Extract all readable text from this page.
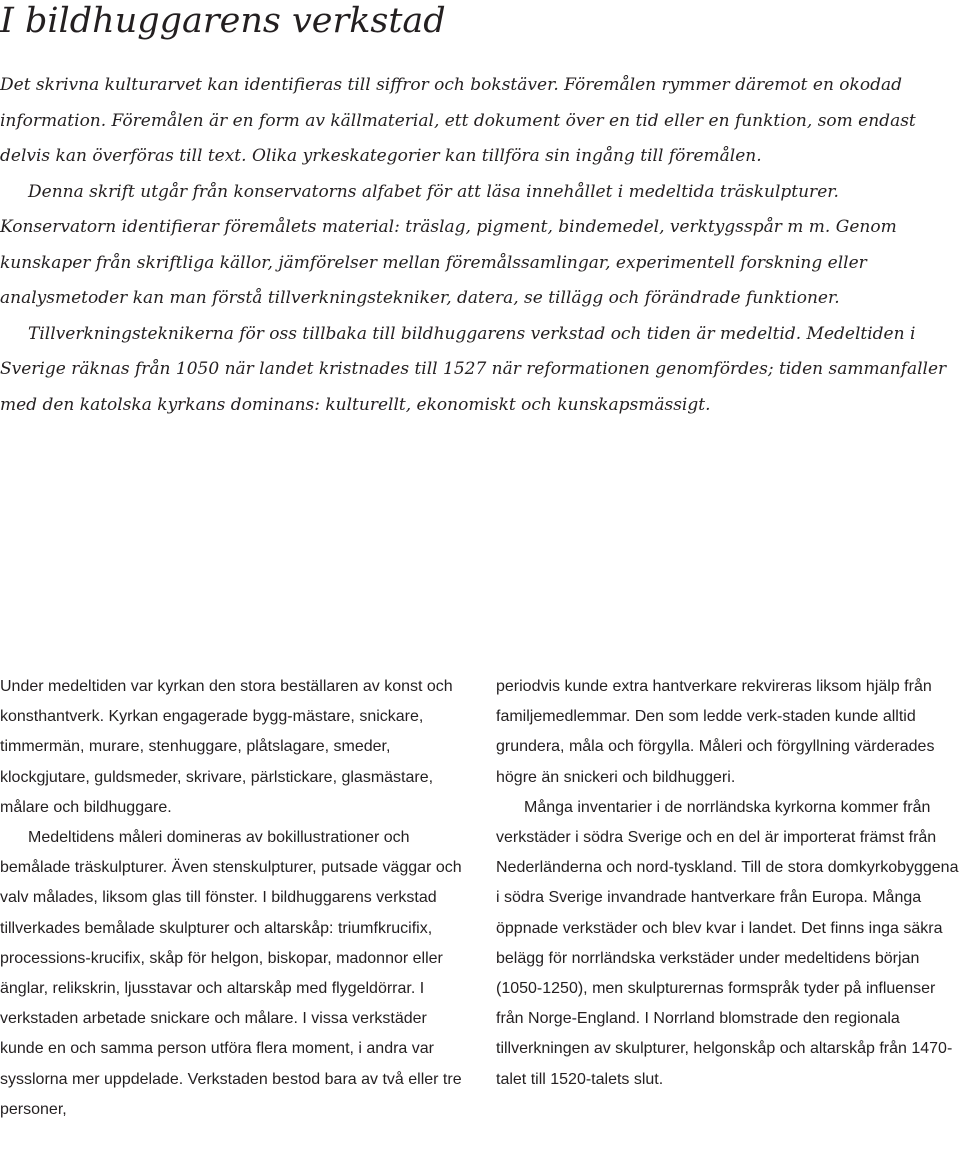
I bildhuggarens verkstad

Det skrivna kulturarvet kan identifieras till siffror och bokstäver. Föremålen rymmer däremot en okodad information. Föremålen är en form av källmaterial, ett dokument över en tid eller en funktion, som endast delvis kan överföras till text. Olika yrkeskategorier kan tillföra sin ingång till föremålen.

Denna skrift utgår från konservatorns alfabet för att läsa innehållet i medeltida träskulpturer. Konservatorn identifierar föremålets material: träslag, pigment, bindemedel, verktygsspår m m. Genom kunskaper från skriftliga källor, jämförelser mellan föremålssamlingar, experimentell forskning eller analysmetoder kan man förstå tillverkningstekniker, datera, se tillägg och förändrade funktioner.

Tillverkningsteknikerna för oss tillbaka till bildhuggarens verkstad och tiden är medeltid. Medeltiden i Sverige räknas från 1050 när landet kristnades till 1527 när reformationen genomfördes; tiden sammanfaller med den katolska kyrkans dominans: kulturellt, ekonomiskt och kunskapsmässigt.

Under medeltiden var kyrkan den stora beställaren av konst och konsthantverk. Kyrkan engagerade bygg-mästare, snickare, timmermän, murare, stenhuggare, plåtslagare, smeder, klockgjutare, guldsmeder, skrivare, pärlstickare, glasmästare, målare och bildhuggare.

Medeltidens måleri domineras av bokillustrationer och bemålade träskulpturer. Även stenskulpturer, putsade väggar och valv målades, liksom glas till fönster. I bildhuggarens verkstad tillverkades bemålade skulpturer och altarskåp: triumfkrucifix, processions-krucifix, skåp för helgon, biskopar, madonnor eller änglar, relikskrin, ljusstavar och altarskåp med flygeldörrar. I verkstaden arbetade snickare och målare. I vissa verkstäder kunde en och samma person utföra flera moment, i andra var sysslorna mer uppdelade. Verkstaden bestod bara av två eller tre personer,

periodvis kunde extra hantverkare rekvireras liksom hjälp från familjemedlemmar. Den som ledde verk-staden kunde alltid grundera, måla och förgylla. Måleri och förgyllning värderades högre än snickeri och bildhuggeri.

Många inventarier i de norrländska kyrkorna kommer från verkstäder i södra Sverige och en del är importerat främst från Nederländerna och nord-tyskland. Till de stora domkyrkobyggena i södra Sverige invandrade hantverkare från Europa. Många öppnade verkstäder och blev kvar i landet. Det finns inga säkra belägg för norrländska verkstäder under medeltidens början (1050-1250), men skulpturernas formspråk tyder på influenser från Norge-England. I Norrland blomstrade den regionala tillverkningen av skulpturer, helgonskåp och altarskåp från 1470-talet till 1520-talets slut.
